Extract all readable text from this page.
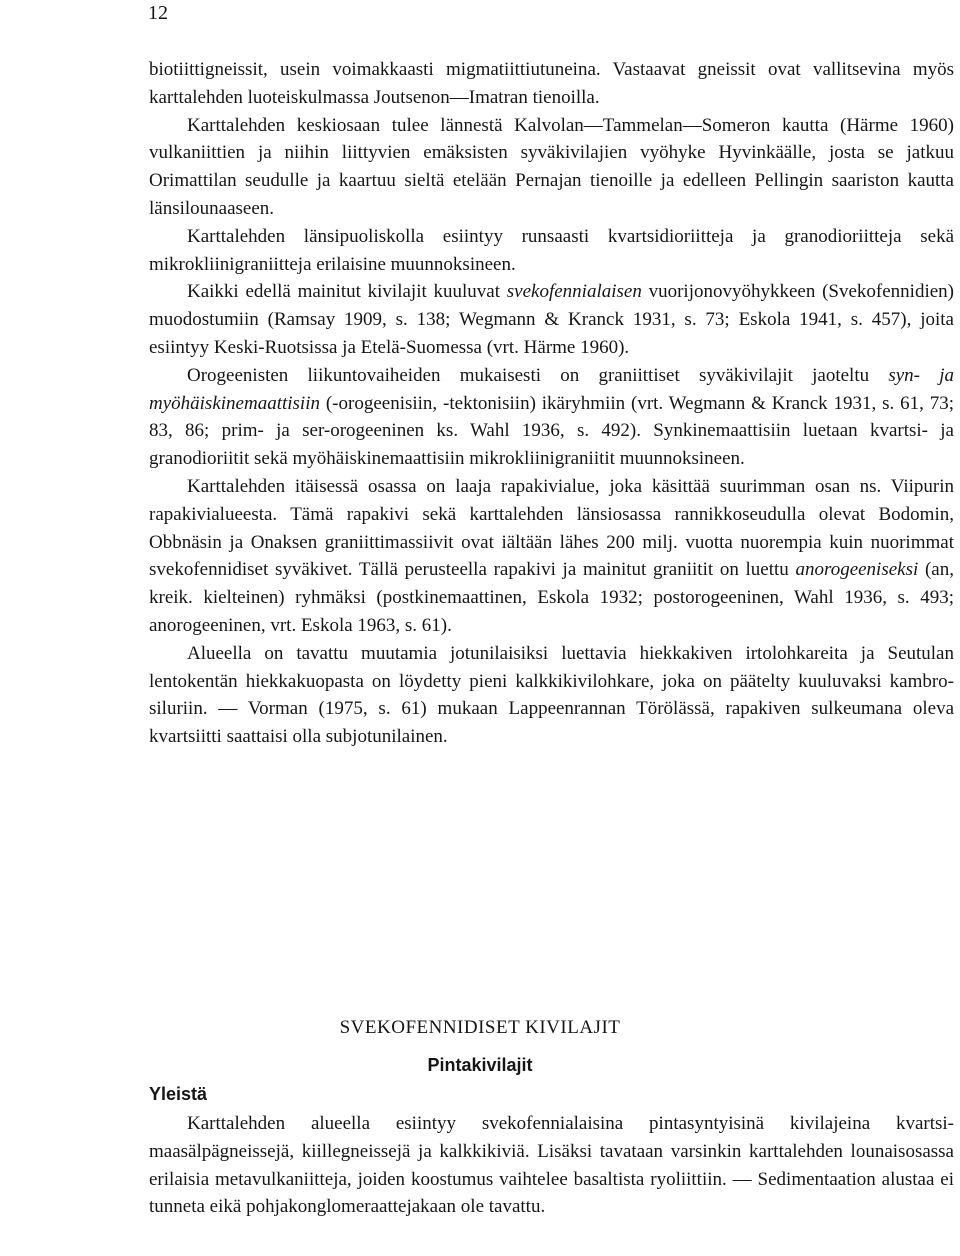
12

biotiittigneissit, usein voimakkaasti migmatiittiutuneina. Vastaavat gneissit ovat vallitsevina myös karttalehden luoteiskulmassa Joutsenon—Imatran tienoilla.

Karttalehden keskiosaan tulee lännestä Kalvolan—Tammelan—Someron kautta (Härme 1960) vulkaniittien ja niihin liittyvien emäksisten syväkivilajien vyöhyke Hyvinkäälle, josta se jatkuu Orimattilan seudulle ja kaartuu sieltä etelään Pernajan tienoille ja edelleen Pellingin saariston kautta länsilounaaseen.

Karttalehden länsipuoliskolla esiintyy runsaasti kvartsidioriitteja ja granodioriitteja sekä mikrokliinigraniitteja erilaisine muunnoksineen.

Kaikki edellä mainitut kivilajit kuuluvat svekofennialaisen vuorijonovyöhykkeen (Svekofennidien) muodostumiin (Ramsay 1909, s. 138; Wegmann & Kranck 1931, s. 73; Eskola 1941, s. 457), joita esiintyy Keski-Ruotsissa ja Etelä-Suomessa (vrt. Härme 1960).

Orogeenisten liikuntovaiheiden mukaisesti on graniittiset syväkivilajit jaoteltu syn- ja myöhäiskinemaattisiin (-orogeenisiin, -tektonisiin) ikäryhmiin (vrt. Wegmann & Kranck 1931, s. 61, 73; 83, 86; prim- ja ser-orogeeninen ks. Wahl 1936, s. 492). Synkinemaattisiin luetaan kvartsi- ja granodioriitit sekä myöhäiskinemaattisiin mikrokliinigraniitit muunnoksineen.

Karttalehden itäisessä osassa on laaja rapakivialue, joka käsittää suurimman osan ns. Viipurin rapakivialueesta. Tämä rapakivi sekä karttalehden länsiosassa rannikkoseudulla olevat Bodomin, Obbnäsin ja Onaksen graniittimassiivit ovat iältään lähes 200 milj. vuotta nuorempia kuin nuorimmat svekofennidiset syväkivet. Tällä perusteella rapakivi ja mainitut graniitit on luettu anorogeeniseksi (an, kreik. kielteinen) ryhmäksi (postkinemaattinen, Eskola 1932; postorogeeninen, Wahl 1936, s. 493; anorogeeninen, vrt. Eskola 1963, s. 61).

Alueella on tavattu muutamia jotunilaisiksi luettavia hiekkakiven irtolohkareita ja Seutulan lentokentän hiekkakuopasta on löydetty pieni kalkkikivilohkare, joka on päätelty kuuluvaksi kambro-siluriin. — Vorman (1975, s. 61) mukaan Lappeenrannan Törölässä, rapakiven sulkeumana oleva kvartsiitti saattaisi olla subjotunilainen.

SVEKOFENNIDISET KIVILAJIT
Pintakivilajit
Yleistä

Karttalehden alueella esiintyy svekofennialaisina pintasyntyisinä kivilajeina kvartsi-maasälpägneissejä, kiillegneissejä ja kalkkikiviä. Lisäksi tavataan varsinkin karttalehden lounaisosassa erilaisia metavulkaniitteja, joiden koostumus vaihtelee basaltista ryoliittiin. — Sedimentaation alustaa ei tunneta eikä pohjakonglomeraattejakaan ole tavattu.
